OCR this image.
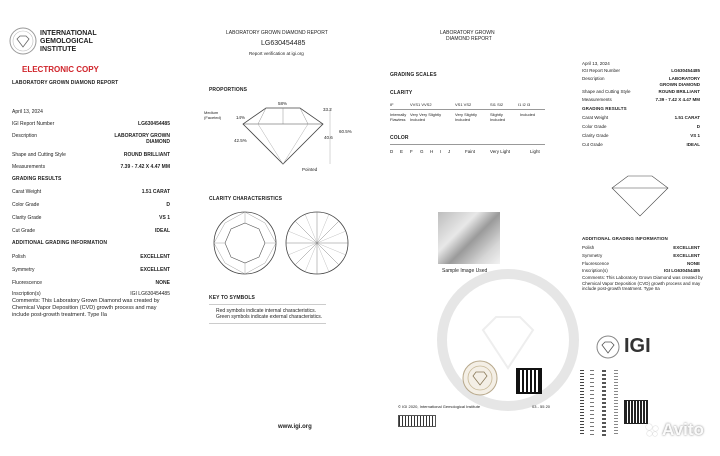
INTERNATIONAL
GEMOLOGICAL
INSTITUTE
ELECTRONIC COPY
LABORATORY GROWN DIAMOND REPORT
April 13, 2024
IGI Report Number	LG630454485
Description	LABORATORY GROWN DIAMOND
Shape and Cutting Style	ROUND BRILLIANT
Measurements	7.39 - 7.42 X 4.47 MM
GRADING RESULTS
Carat Weight	1.51 CARAT
Color Grade	D
Clarity Grade	VS 1
Cut Grade	IDEAL
ADDITIONAL GRADING INFORMATION
Polish	EXCELLENT
Symmetry	EXCELLENT
Fluorescence	NONE
Inscription(s)	IGI LG630454485
Comments: This Laboratory Grown Diamond was created by Chemical Vapor Deposition (CVD) growth process and may include post-growth treatment. Type IIa
LABORATORY GROWN DIAMOND REPORT
LG630454485
Report verification at igi.org
PROPORTIONS
58%
33.2
60.5%
40.6
42.5%
14%
Medium (Faceted)
Pointed
CLARITY CHARACTERISTICS
KEY TO SYMBOLS
Red symbols indicate internal characteristics.
Green symbols indicate external characteristics.
www.igi.org
LABORATORY GROWN
DIAMOND REPORT
GRADING SCALES
CLARITY
IF	VVS1 VVS2	VS1 VS2	SI1 SI2	I1 I2 I3
Internally Flawless
Very Very Slightly Included
Very Slightly Included
Slightly Included
Included
COLOR
D E F G H I J	Faint	Very Light	Light
Sample Image Used
© IGI 2020, International Gemological Institute	03 - 55 20
April 13, 2024
IGI Report Number	LG630454485
Description	LABORATORY GROWN DIAMOND
Shape and Cutting Style	ROUND BRILLIANT
Measurements	7.39 - 7.42 X 4.47 MM
GRADING RESULTS
Carat Weight	1.51 CARAT
Color Grade	D
Clarity Grade	VS 1
Cut Grade	IDEAL
ADDITIONAL GRADING INFORMATION
Polish	EXCELLENT
Symmetry	EXCELLENT
Fluorescence	NONE
Inscription(s)	IGI LG630454485
Comments: This Laboratory Grown Diamond was created by Chemical Vapor Deposition (CVD) growth process and may include post-growth treatment. Type IIa
IGI
Avito
